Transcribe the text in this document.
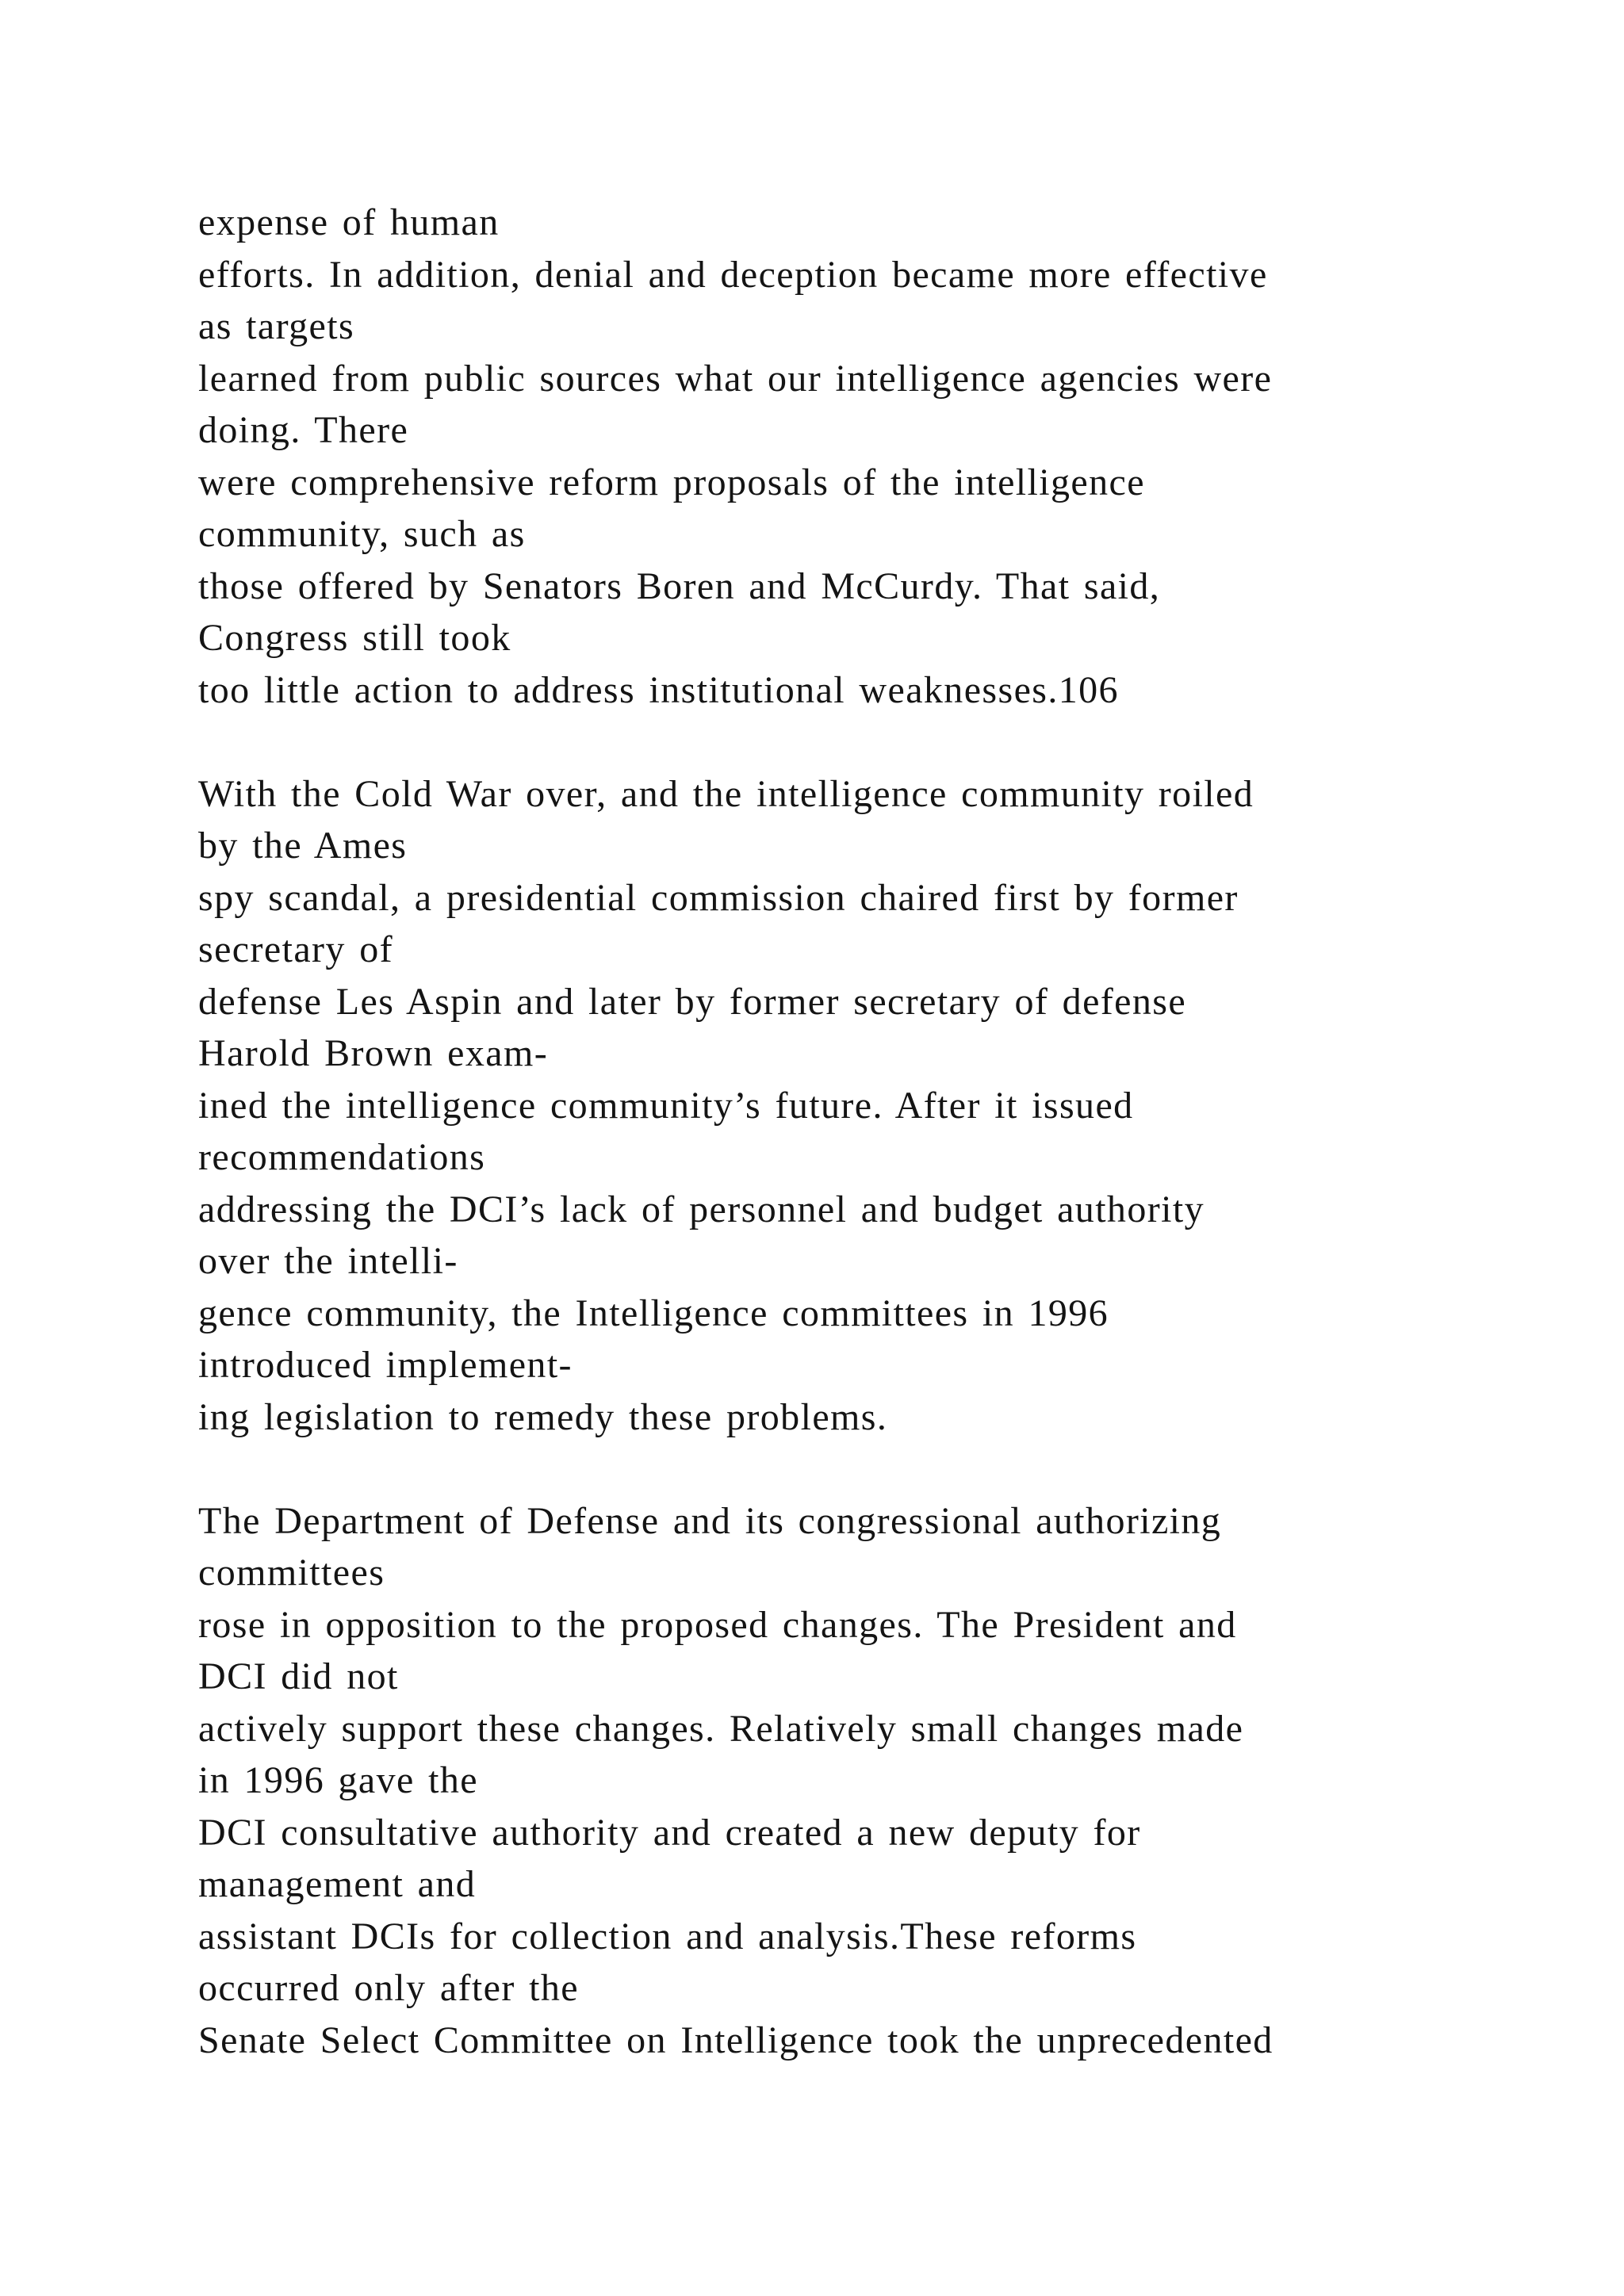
expense of human
efforts. In addition, denial and deception became more effective
as targets
learned from public sources what our intelligence agencies were
doing. There
were comprehensive reform proposals of the intelligence
community, such as
those offered by Senators Boren and McCurdy. That said,
Congress still took
too little action to address institutional weaknesses.106
With the Cold War over, and the intelligence community roiled
by the Ames
spy scandal, a presidential commission chaired first by former
secretary of
defense Les Aspin and later by former secretary of defense
Harold Brown exam-
ined the intelligence community’s future. After it issued
recommendations
addressing the DCI’s lack of personnel and budget authority
over the intelli-
gence community, the Intelligence committees in 1996
introduced implement-
ing legislation to remedy these problems.
The Department of Defense and its congressional authorizing
committees
rose in opposition to the proposed changes. The President and
DCI did not
actively support these changes. Relatively small changes made
in 1996 gave the
DCI consultative authority and created a new deputy for
management and
assistant DCIs for collection and analysis.These reforms
occurred only after the
Senate Select Committee on Intelligence took the unprecedented
